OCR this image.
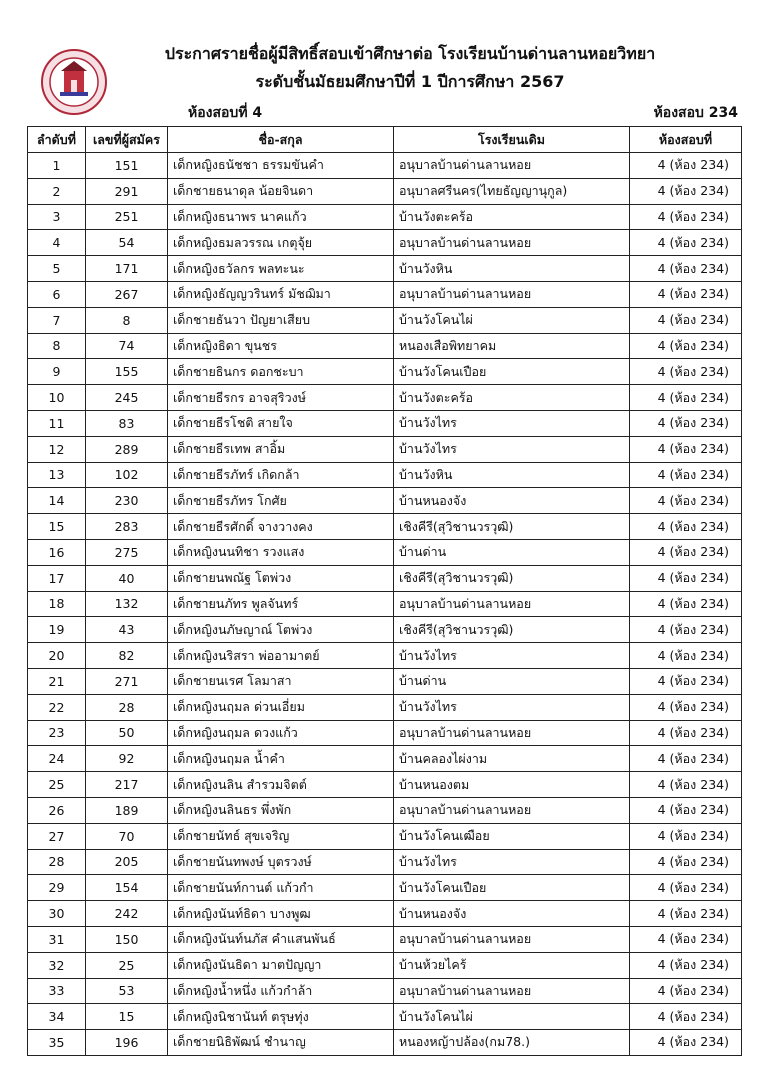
ประกาศรายชื่อผู้มีสิทธิ์สอบเข้าศึกษาต่อ โรงเรียนบ้านด่านลานหอยวิทยา
ระดับชั้นมัธยมศึกษาปีที่ 1 ปีการศึกษา 2567
ห้องสอบที่ 4	ห้องสอบ 234
ลำดับที่	เลขที่ผู้สมัคร	ชื่อ-สกุล	โรงเรียนเดิม	ห้องสอบที่
1	151	เด็กหญิงธนัชชา ธรรมขันคำ	อนุบาลบ้านด่านลานหอย	4 (ห้อง 234)
2	291	เด็กชายธนาดุล น้อยจินดา	อนุบาลศรีนคร(ไทยธัญญานุกูล)	4 (ห้อง 234)
3	251	เด็กหญิงธนาพร นาคแก้ว	บ้านวังตะคร้อ	4 (ห้อง 234)
4	54	เด็กหญิงธมลวรรณ เกตุจุ้ย	อนุบาลบ้านด่านลานหอย	4 (ห้อง 234)
5	171	เด็กหญิงธวัลกร พลทะนะ	บ้านวังหิน	4 (ห้อง 234)
6	267	เด็กหญิงธัญญวรินทร์ มัชฌิมา	อนุบาลบ้านด่านลานหอย	4 (ห้อง 234)
7	8	เด็กชายธันวา ปัญยาเสียบ	บ้านวังโคนไผ่	4 (ห้อง 234)
8	74	เด็กหญิงธิดา ขุนชร	หนองเสือพิทยาคม	4 (ห้อง 234)
9	155	เด็กชายธินกร ดอกชะบา	บ้านวังโคนเปือย	4 (ห้อง 234)
10	245	เด็กชายธีรกร อาจสุริวงษ์	บ้านวังตะคร้อ	4 (ห้อง 234)
11	83	เด็กชายธีรโชติ สายใจ	บ้านวังไทร	4 (ห้อง 234)
12	289	เด็กชายธีรเทพ สาอิ้ม	บ้านวังไทร	4 (ห้อง 234)
13	102	เด็กชายธีรภัทร์ เกิดกล้า	บ้านวังหิน	4 (ห้อง 234)
14	230	เด็กชายธีรภัทร โกศัย	บ้านหนองจัง	4 (ห้อง 234)
15	283	เด็กชายธีรศักดิ์ จางวางคง	เชิงคีรี(สุวิชานวรวุฒิ)	4 (ห้อง 234)
16	275	เด็กหญิงนนทิชา รวงแสง	บ้านด่าน	4 (ห้อง 234)
17	40	เด็กชายนพณัฐ โตพ่วง	เชิงคีรี(สุวิชานวรวุฒิ)	4 (ห้อง 234)
18	132	เด็กชายนภัทร พูลจันทร์	อนุบาลบ้านด่านลานหอย	4 (ห้อง 234)
19	43	เด็กหญิงนภัษญาณ์ โตพ่วง	เชิงคีรี(สุวิชานวรวุฒิ)	4 (ห้อง 234)
20	82	เด็กหญิงนริสรา พ่ออามาตย์	บ้านวังไทร	4 (ห้อง 234)
21	271	เด็กชายนเรศ โลมาสา	บ้านด่าน	4 (ห้อง 234)
22	28	เด็กหญิงนฤมล ด่วนเอี่ยม	บ้านวังไทร	4 (ห้อง 234)
23	50	เด็กหญิงนฤมล ดวงแก้ว	อนุบาลบ้านด่านลานหอย	4 (ห้อง 234)
24	92	เด็กหญิงนฤมล น้ำคำ	บ้านคลองไผ่งาม	4 (ห้อง 234)
25	217	เด็กหญิงนลิน สำรวมจิตต์	บ้านหนองตม	4 (ห้อง 234)
26	189	เด็กหญิงนลินธร พึ่งพัก	อนุบาลบ้านด่านลานหอย	4 (ห้อง 234)
27	70	เด็กชายนัทธ์ สุขเจริญ	บ้านวังโคนเฒือย	4 (ห้อง 234)
28	205	เด็กชายนันทพงษ์ บุตรวงษ์	บ้านวังไทร	4 (ห้อง 234)
29	154	เด็กชายนันท์กานต์ แก้วกำ	บ้านวังโคนเปือย	4 (ห้อง 234)
30	242	เด็กหญิงนันท์ธิดา บางพูฒ	บ้านหนองจัง	4 (ห้อง 234)
31	150	เด็กหญิงนันท์นภัส คำแสนพันธ์	อนุบาลบ้านด่านลานหอย	4 (ห้อง 234)
32	25	เด็กหญิงนันธิดา มาตปัญญา	บ้านห้วยไคร้	4 (ห้อง 234)
33	53	เด็กหญิงน้ำหนึ่ง แก้วกำล้า	อนุบาลบ้านด่านลานหอย	4 (ห้อง 234)
34	15	เด็กหญิงนิชานันท์ ตรุษทุ่ง	บ้านวังโคนไผ่	4 (ห้อง 234)
35	196	เด็กชายนิธิพัฒน์ ชำนาญ	หนองหญ้าปล้อง(กม78.)	4 (ห้อง 234)
